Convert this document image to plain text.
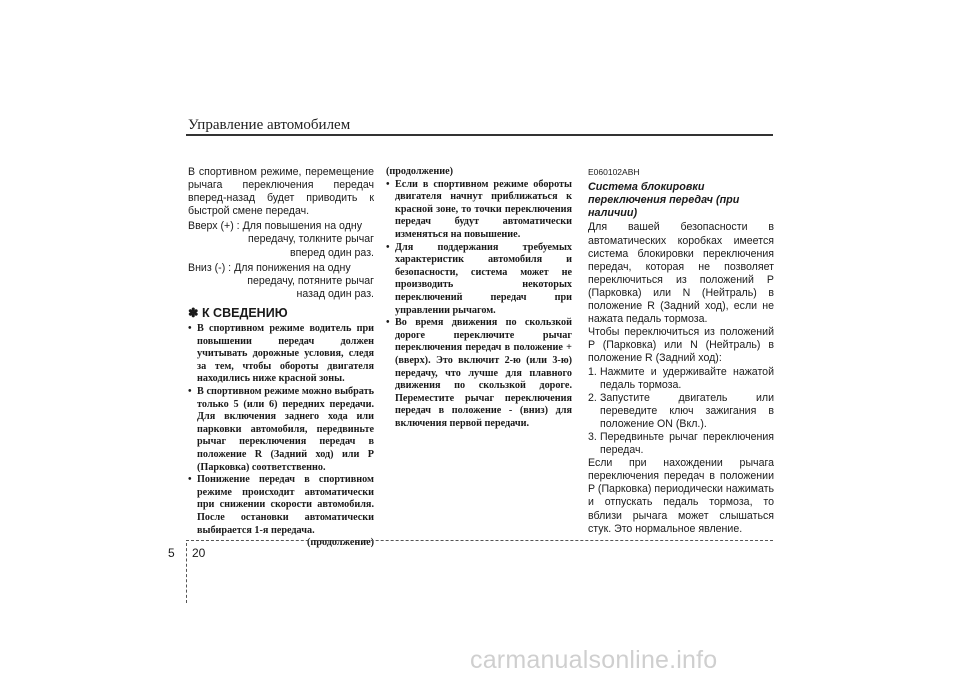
Управление автомобилем

В спортивном режиме, перемещение рычага переключения передач вперед-назад будет приводить к быстрой смене передач.

Вверх (+) : Для повышения на одну
передачу, толкните рычаг вперед один раз.
Вниз (-) : Для понижения на одну
передачу, потяните рычаг назад один раз.
✽ К СВЕДЕНИЮ
• В спортивном режиме водитель при повышении передач должен учитывать дорожные условия, следя за тем, чтобы обороты двигателя находились ниже красной зоны.
• В спортивном режиме можно выбрать только 5 (или 6) передних передачи. Для включения заднего хода или парковки автомобиля, передвиньте рычаг переключения передач в положение R (Задний ход) или P (Парковка) соответственно.
• Понижение передач в спортивном режиме происходит автоматически при снижении скорости автомобиля. После остановки автоматически выбирается 1-я передача.
(продолжение)
(продолжение)
• Если в спортивном режиме обороты двигателя начнут приближаться к красной зоне, то точки переключения передач будут автоматически изменяться на повышение.
• Для поддержания требуемых характеристик автомобиля и безопасности, система может не производить некоторых переключений передач при управлении рычагом.
• Во время движения по скользкой дороге переключите рычаг переключения передач в положение + (вверх). Это включит 2-ю (или 3-ю) передачу, что лучше для плавного движения по скользкой дороге. Переместите рычаг переключения передач в положение - (вниз) для включения первой передачи.
E060102ABH
Система блокировки переключения передач (при наличии)

Для вашей безопасности в автоматических коробках имеется система блокировки переключения передач, которая не позволяет переключиться из положений P (Парковка) или N (Нейтраль) в положение R (Задний ход), если не нажата педаль тормоза.

Чтобы переключиться из положений P (Парковка) или N (Нейтраль) в положение R (Задний ход):

1. Нажмите и удерживайте нажатой педаль тормоза.
2. Запустите двигатель или переведите ключ зажигания в положение ON (Вкл.).
3. Передвиньте рычаг переключения передач.

Если при нахождении рычага переключения передач в положении P (Парковка) периодически нажимать и отпускать педаль тормоза, то вблизи рычага может слышаться стук. Это нормальное явление.

5 20
carmanualsonline.info
